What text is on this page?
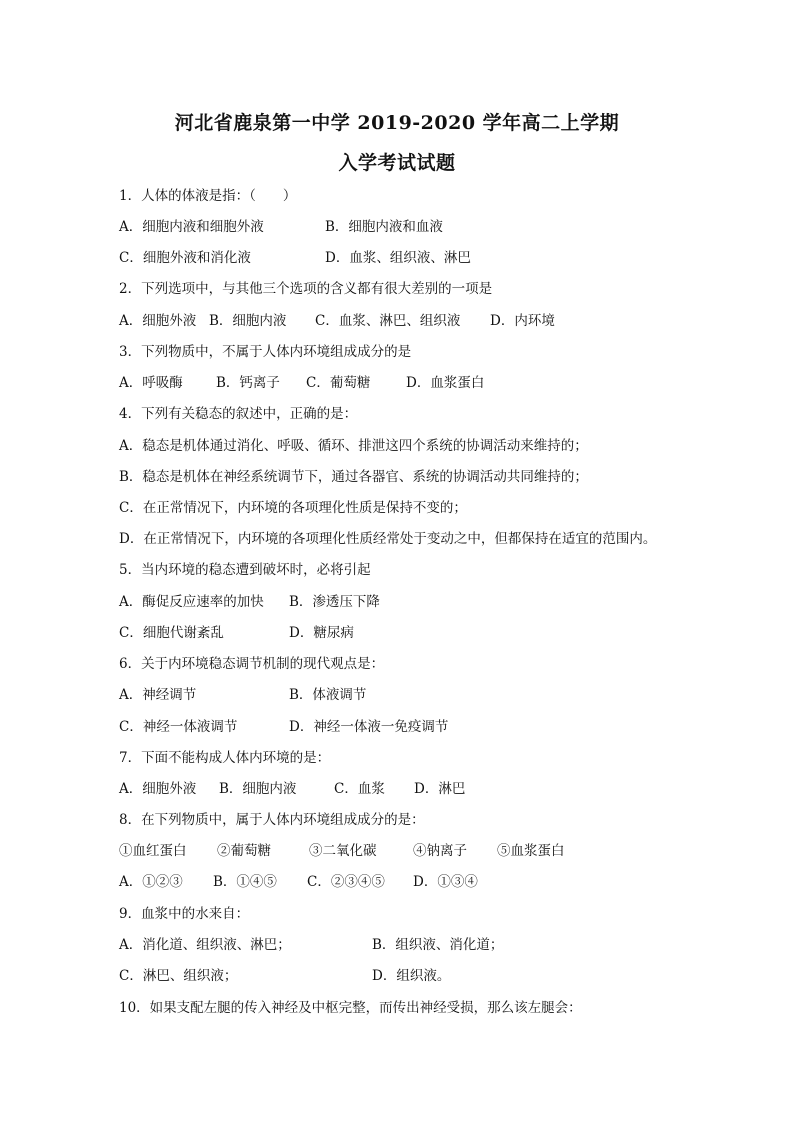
河北省鹿泉第一中学 2019-2020 学年高二上学期
入学考试试题
1．人体的体液是指：（　　）
A．细胞内液和细胞外液	B．细胞内液和血液
C．细胞外液和消化液	D．血浆、组织液、淋巴
2．下列选项中，与其他三个选项的含义都有很大差别的一项是
A．细胞外液 B．细胞内液 C．血浆、淋巴、组织液 D．内环境
3．下列物质中，不属于人体内环境组成成分的是
A．呼吸酶 B．钙离子 C．葡萄糖	D．血浆蛋白
4．下列有关稳态的叙述中，正确的是：
A．稳态是机体通过消化、呼吸、循环、排泄这四个系统的协调活动来维持的；
B．稳态是机体在神经系统调节下，通过各器官、系统的协调活动共同维持的；
C．在正常情况下，内环境的各项理化性质是保持不变的；
D．在正常情况下，内环境的各项理化性质经常处于变动之中，但都保持在适宜的范围内。
5．当内环境的稳态遭到破坏时，必将引起
A．酶促反应速率的加快 B．渗透压下降
C．细胞代谢紊乱	D．糖尿病
6．关于内环境稳态调节机制的现代观点是：
A．神经调节	B．体液调节
C．神经一体液调节	D．神经一体液一免疫调节
7．下面不能构成人体内环境的是：
A．细胞外液 B．细胞内液	C．血浆 D．淋巴
8．在下列物质中，属于人体内环境组成成分的是：
①血红蛋白 ②葡萄糖	③二氧化碳	④钠离子 ⑤血浆蛋白
A．①②③ B．①④⑤ C．②③④⑤ D．①③④
9．血浆中的水来自：
A．消化道、组织液、淋巴；	B．组织液、消化道；
C．淋巴、组织液；	D．组织液。
10．如果支配左腿的传入神经及中枢完整，而传出神经受损，那么该左腿会：
